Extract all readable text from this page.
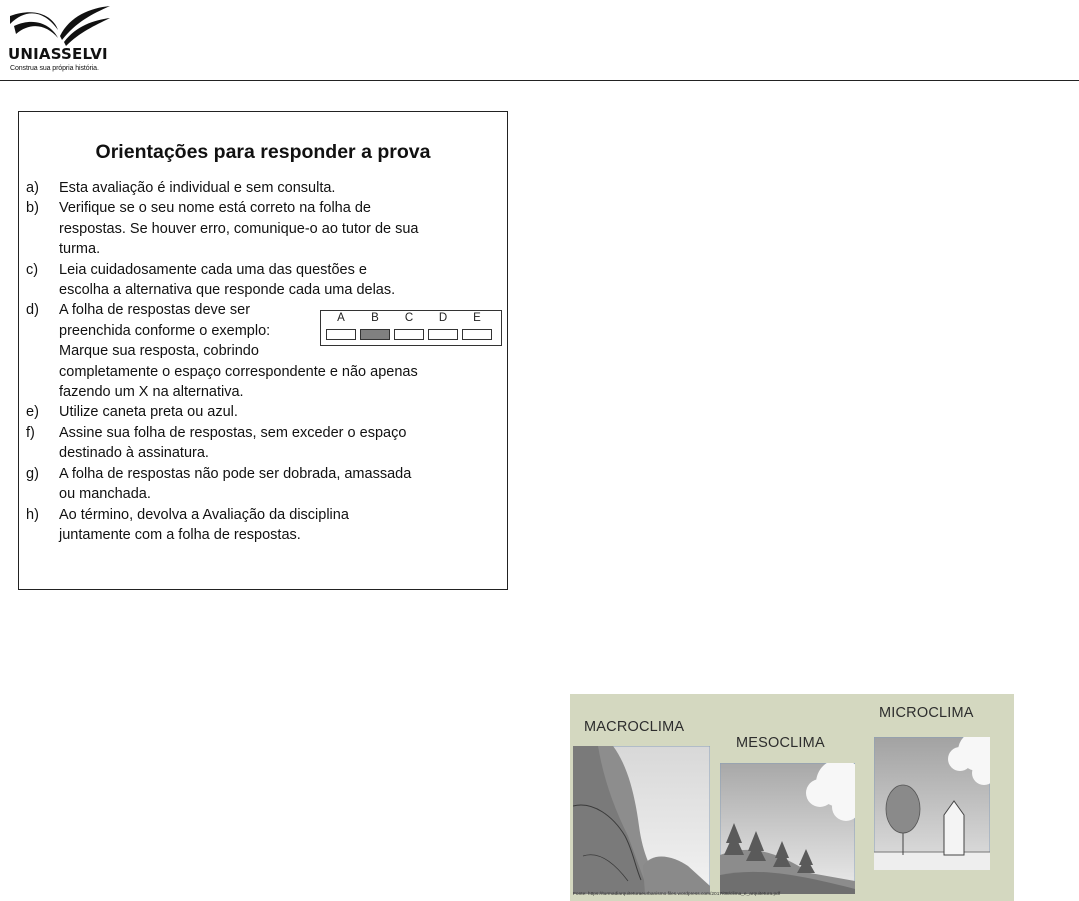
UNIASSELVI
Construa sua própria história.
Orientações para responder a prova
a)	Esta avaliação é individual e sem consulta.
b)	Verifique se o seu nome está correto na folha de
respostas. Se houver erro, comunique-o ao tutor de sua
turma.
c)	Leia cuidadosamente cada uma das questões e
escolha a alternativa que responde cada uma delas.
d) A folha de respostas deve ser
preenchida conforme o exemplo:
Marque sua resposta, cobrindo
completamente o espaço correspondente e não apenas
fazendo um X na alternativa.
e)	Utilize caneta preta ou azul.
f)	Assine sua folha de respostas, sem exceder o espaço
destinado à assinatura.
g)	A folha de respostas não pode ser dobrada, amassada
ou manchada.
h)	Ao término, devolva a Avaliação da disciplina
juntamente com a folha de respostas.
A	B	C	D	E
MACROCLIMA
MESOCLIMA
MICROCLIMA
Fonte: https://turmadiarquiteturaeurbanismo.files.wordpress.com/2017/08/clima_e_arquitetura.pdf
